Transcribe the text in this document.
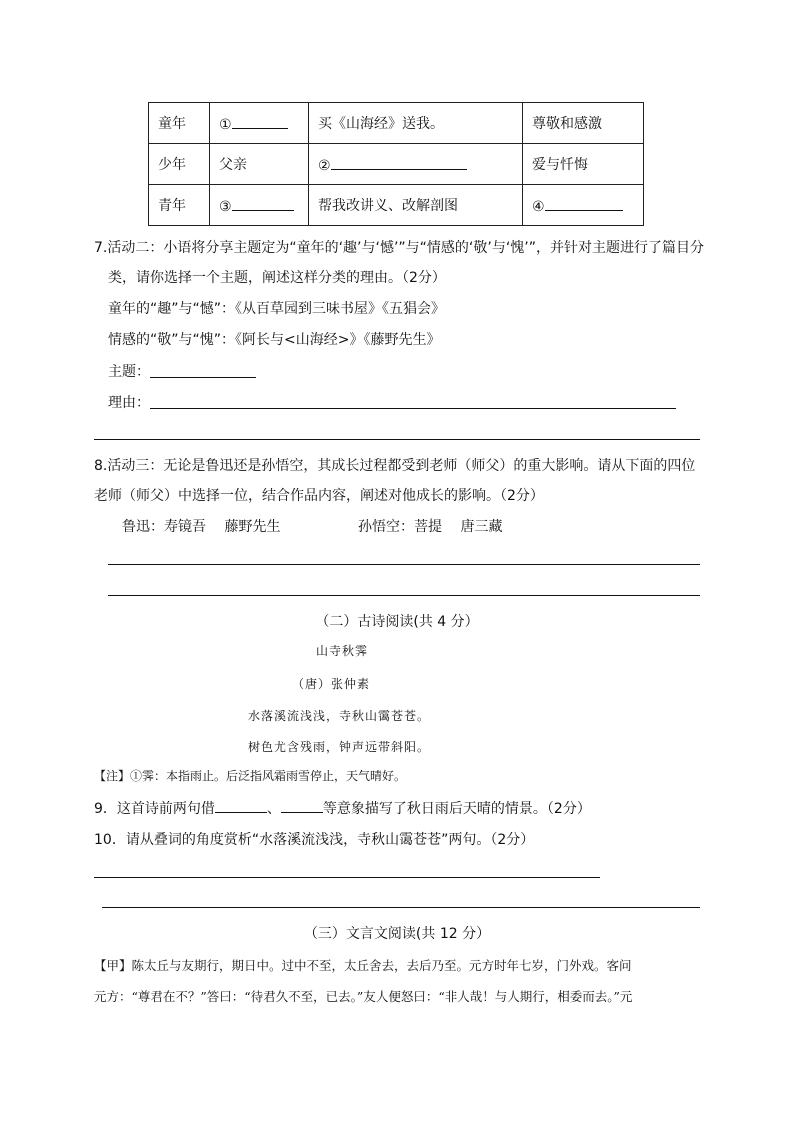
童年	①	买《山海经》送我。	尊敬和感激
少年	父亲	②	爱与忏悔
青年	③	帮我改讲义、改解剖图	④
7.活动二：小语将分享主题定为“童年的‘趣’与‘憾’”与“情感的‘敬’与‘愧’”，并针对主题进行了篇目分
类，请你选择一个主题，阐述这样分类的理由。（2分）
童年的“趣”与“憾”：《从百草园到三味书屋》《五猖会》
情感的“敬”与“愧”：《阿长与<山海经>》《藤野先生》
主题：
理由：
8.活动三：无论是鲁迅还是孙悟空，其成长过程都受到老师（师父）的重大影响。请从下面的四位
老师（师父）中选择一位，结合作品内容，阐述对他成长的影响。（2分）
鲁迅：寿镜吾　 藤野先生	孙悟空：菩提　 唐三藏
（二）古诗阅读(共 4 分）
山寺秋霁
（唐）张仲素
水落溪流浅浅，寺秋山霭苍苍。
树色尤含残雨，钟声远带斜阳。
【注】①霁：本指雨止。后泛指风霜雨雪停止，天气晴好。
9．这首诗前两句借	、	等意象描写了秋日雨后天晴的情景。（2分）
10．请从叠词的角度赏析“水落溪流浅浅，寺秋山霭苍苍”两句。（2分）
（三）文言文阅读(共 12 分）
【甲】陈太丘与友期行，期日中。过中不至，太丘舍去，去后乃至。元方时年七岁，门外戏。客问
元方：“尊君在不？”答曰：“待君久不至，已去。”友人便怒曰：“非人哉！与人期行，相委而去。”元
